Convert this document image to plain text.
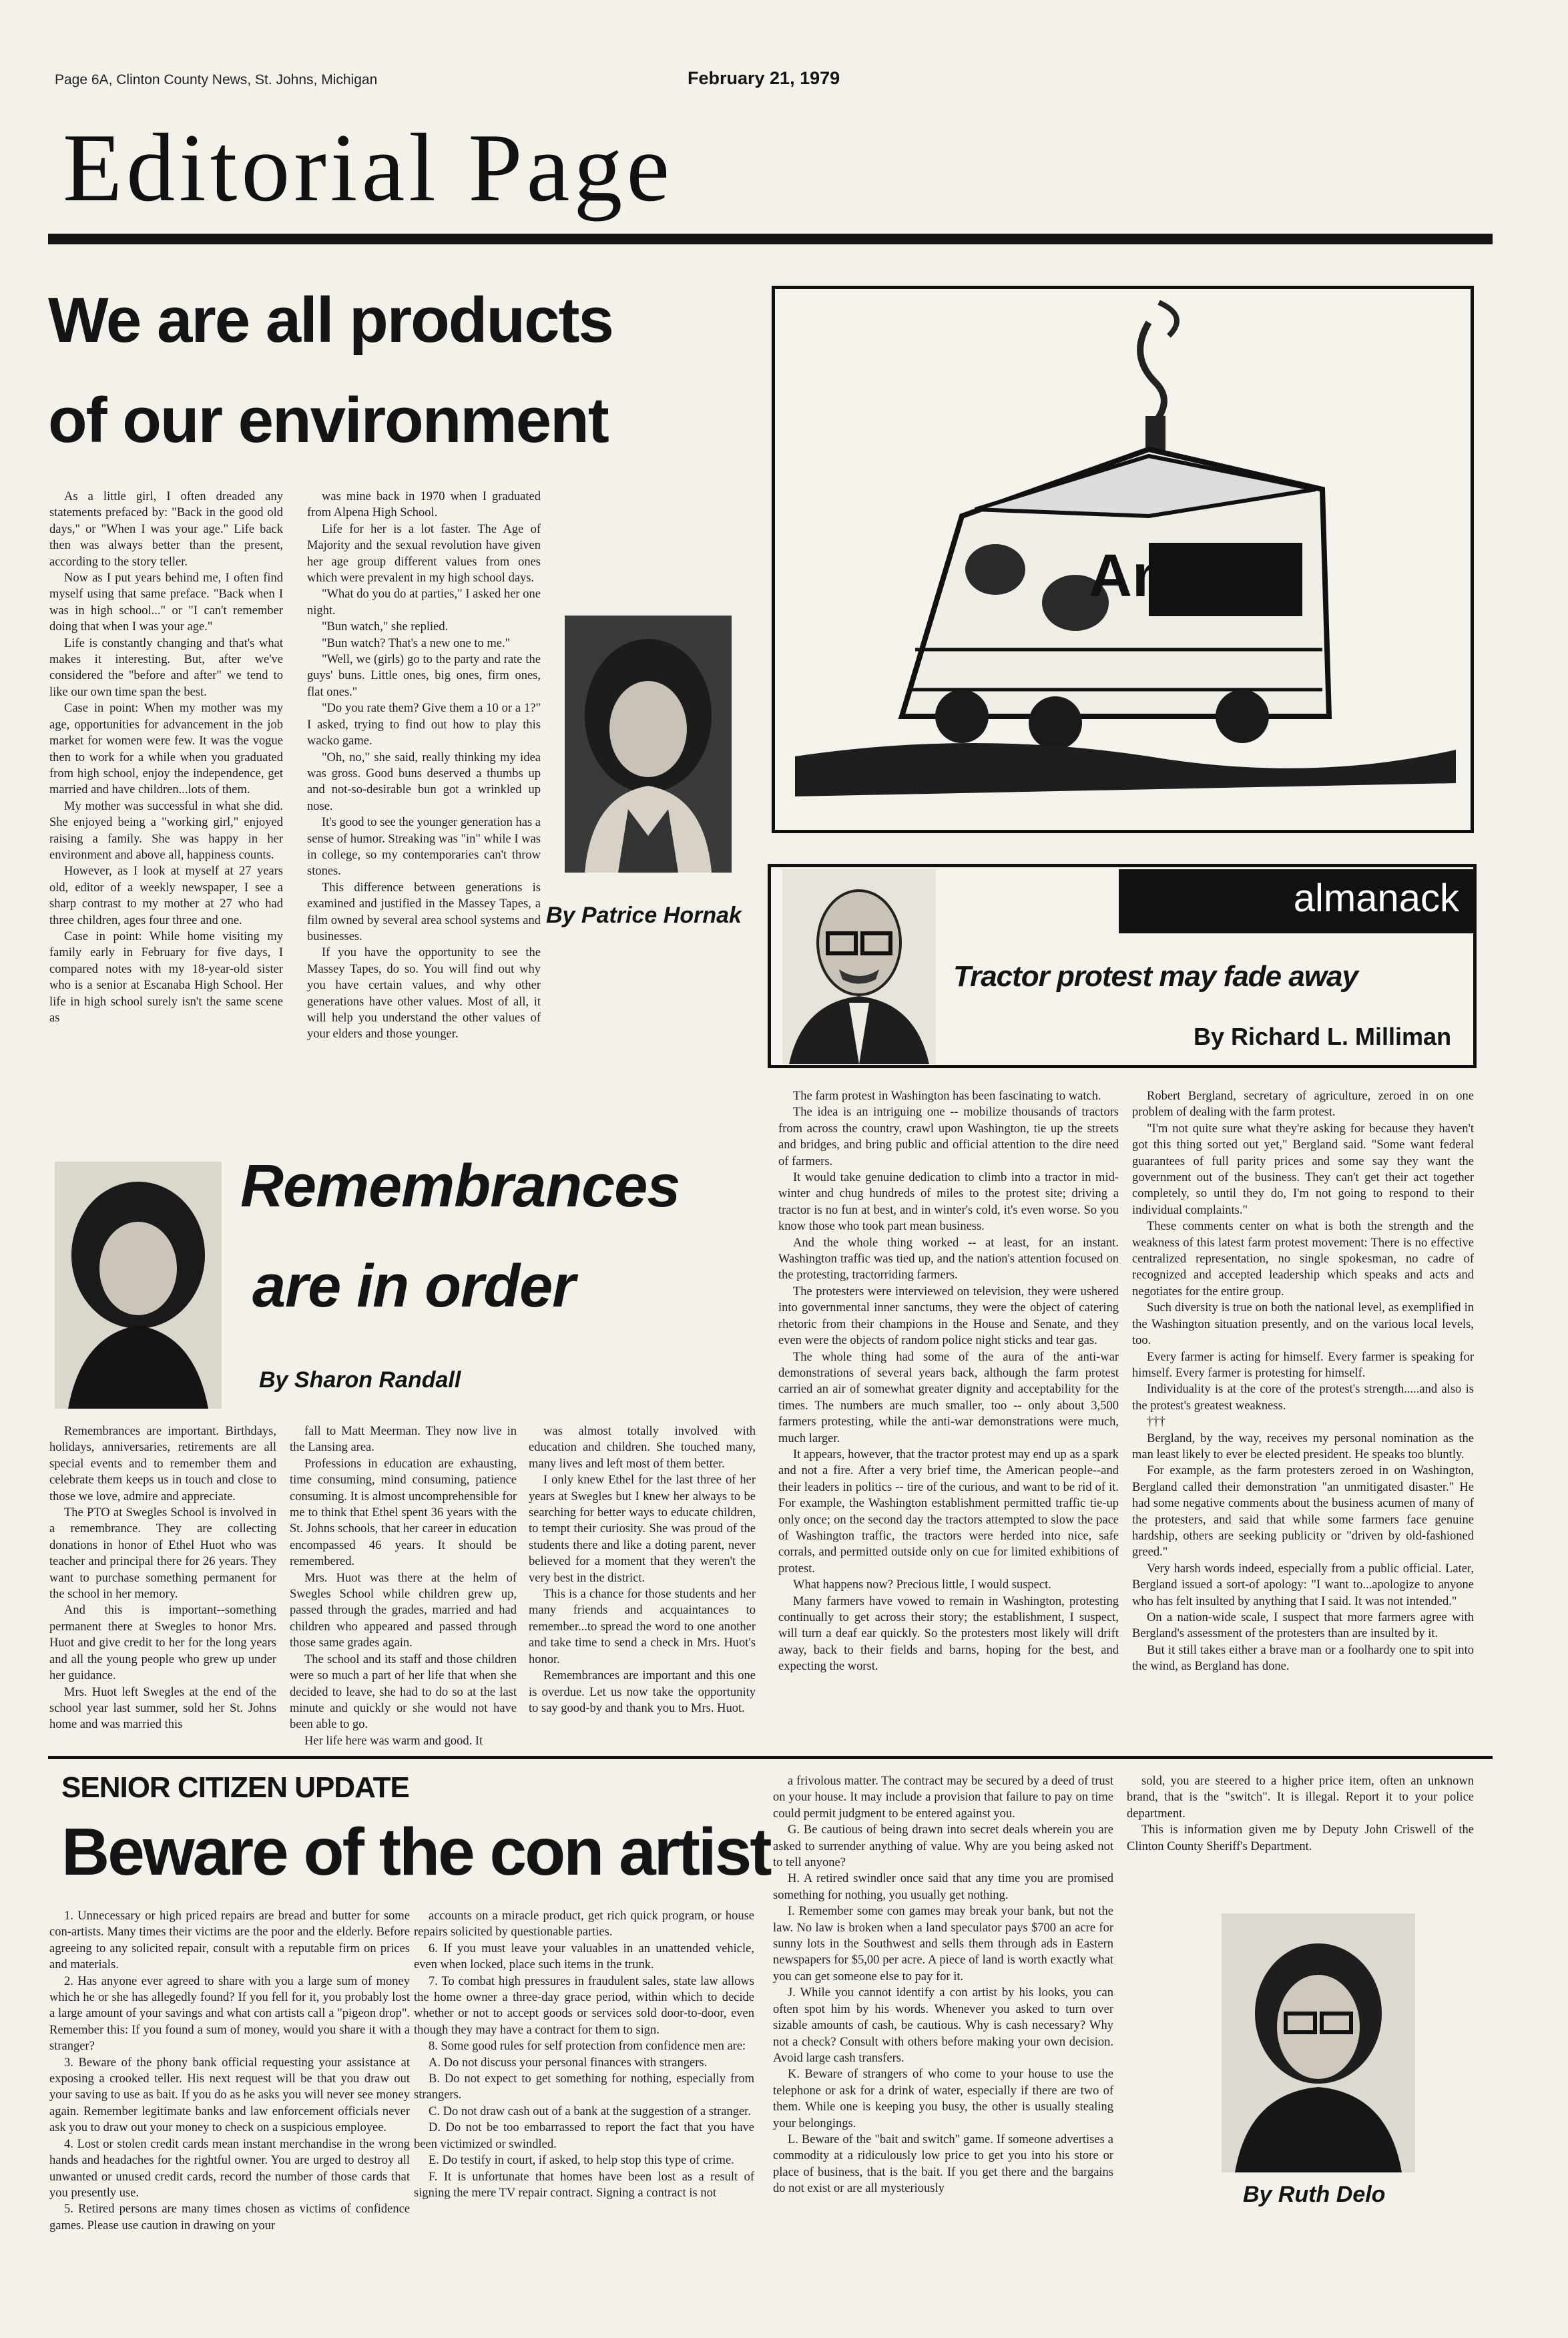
Page 6A, Clinton County News, St. Johns, Michigan	February 21, 1979
Editorial Page
We are all products
of our environment

As a little girl, I often dreaded any statements prefaced by: "Back in the good old days," or "When I was your age." Life back then was always better than the present, according to the story teller.

Now as I put years behind me, I often find myself using that same preface. "Back when I was in high school..." or "I can't remember doing that when I was your age."

Life is constantly changing and that's what makes it interesting. But, after we've considered the "before and after" we tend to like our own time span the best.

Case in point: When my mother was my age, opportunities for advancement in the job market for women were few. It was the vogue then to work for a while when you graduated from high school, enjoy the independence, get married and have children...lots of them.

My mother was successful in what she did. She enjoyed being a "working girl," enjoyed raising a family. She was happy in her environment and above all, happiness counts.

However, as I look at myself at 27 years old, editor of a weekly newspaper, I see a sharp contrast to my mother at 27 who had three children, ages four three and one.

Case in point: While home visiting my family early in February for five days, I compared notes with my 18-year-old sister who is a senior at Escanaba High School. Her life in high school surely isn't the same scene as

was mine back in 1970 when I graduated from Alpena High School.

Life for her is a lot faster. The Age of Majority and the sexual revolution have given her age group different values from ones which were prevalent in my high school days.

"What do you do at parties," I asked her one night.

"Bun watch," she replied.

"Bun watch? That's a new one to me."

"Well, we (girls) go to the party and rate the guys' buns. Little ones, big ones, firm ones, flat ones."

"Do you rate them? Give them a 10 or a 1?" I asked, trying to find out how to play this wacko game.

"Oh, no," she said, really thinking my idea was gross. Good buns deserved a thumbs up and not-so-desirable bun got a wrinkled up nose.

It's good to see the younger generation has a sense of humor. Streaking was "in" while I was in college, so my contemporaries can't throw stones.

This difference between generations is examined and justified in the Massey Tapes, a film owned by several area school systems and businesses.

If you have the opportunity to see the Massey Tapes, do so. You will find out why you have certain values, and why other generations have other values. Most of all, it will help you understand the other values of your elders and those younger.

By Patrice Hornak
Amtrak
almanack
Tractor protest may fade away
By Richard L. Milliman

The farm protest in Washington has been fascinating to watch.

The idea is an intriguing one -- mobilize thousands of tractors from across the country, crawl upon Washington, tie up the streets and bridges, and bring public and official attention to the dire need of farmers.

It would take genuine dedication to climb into a tractor in mid-winter and chug hundreds of miles to the protest site; driving a tractor is no fun at best, and in winter's cold, it's even worse. So you know those who took part mean business.

And the whole thing worked -- at least, for an instant. Washington traffic was tied up, and the nation's attention focused on the protesting, tractorriding farmers.

The protesters were interviewed on television, they were ushered into governmental inner sanctums, they were the object of catering rhetoric from their champions in the House and Senate, and they even were the objects of random police night sticks and tear gas.

The whole thing had some of the aura of the anti-war demonstrations of several years back, although the farm protest carried an air of somewhat greater dignity and acceptability for the times. The numbers are much smaller, too -- only about 3,500 farmers protesting, while the anti-war demonstrations were much, much larger.

It appears, however, that the tractor protest may end up as a spark and not a fire. After a very brief time, the American people--and their leaders in politics -- tire of the curious, and want to be rid of it. For example, the Washington establishment permitted traffic tie-up only once; on the second day the tractors attempted to slow the pace of Washington traffic, the tractors were herded into nice, safe corrals, and permitted outside only on cue for limited exhibitions of protest.

What happens now? Precious little, I would suspect.

Many farmers have vowed to remain in Washington, protesting continually to get across their story; the establishment, I suspect, will turn a deaf ear quickly. So the protesters most likely will drift away, back to their fields and barns, hoping for the best, and expecting the worst.

Robert Bergland, secretary of agriculture, zeroed in on one problem of dealing with the farm protest.

"I'm not quite sure what they're asking for because they haven't got this thing sorted out yet," Bergland said. "Some want federal guarantees of full parity prices and some say they want the government out of the business. They can't get their act together completely, so until they do, I'm not going to respond to their individual complaints."

These comments center on what is both the strength and the weakness of this latest farm protest movement: There is no effective centralized representation, no single spokesman, no cadre of recognized and accepted leadership which speaks and acts and negotiates for the entire group.

Such diversity is true on both the national level, as exemplified in the Washington situation presently, and on the various local levels, too.

Every farmer is acting for himself. Every farmer is speaking for himself. Every farmer is protesting for himself.

Individuality is at the core of the protest's strength.....and also is the protest's greatest weakness.

†††

Bergland, by the way, receives my personal nomination as the man least likely to ever be elected president. He speaks too bluntly.

For example, as the farm protesters zeroed in on Washington, Bergland called their demonstration "an unmitigated disaster." He had some negative comments about the business acumen of many of the protesters, and said that while some farmers face genuine hardship, others are seeking publicity or "driven by old-fashioned greed."

Very harsh words indeed, especially from a public official. Later, Bergland issued a sort-of apology: "I want to...apologize to anyone who has felt insulted by anything that I said. It was not intended."

On a nation-wide scale, I suspect that more farmers agree with Bergland's assessment of the protesters than are insulted by it.

But it still takes either a brave man or a foolhardy one to spit into the wind, as Bergland has done.

Remembrances
are in order
By Sharon Randall

Remembrances are important. Birthdays, holidays, anniversaries, retirements are all special events and to remember them and celebrate them keeps us in touch and close to those we love, admire and appreciate.

The PTO at Swegles School is involved in a remembrance. They are collecting donations in honor of Ethel Huot who was teacher and principal there for 26 years. They want to purchase something permanent for the school in her memory.

And this is important--something permanent there at Swegles to honor Mrs. Huot and give credit to her for the long years and all the young people who grew up under her guidance.

Mrs. Huot left Swegles at the end of the school year last summer, sold her St. Johns home and was married this

fall to Matt Meerman. They now live in the Lansing area.

Professions in education are exhausting, time consuming, mind consuming, patience consuming. It is almost uncomprehensible for me to think that Ethel spent 36 years with the St. Johns schools, that her career in education encompassed 46 years. It should be remembered.

Mrs. Huot was there at the helm of Swegles School while children grew up, passed through the grades, married and had children who appeared and passed through those same grades again.

The school and its staff and those children were so much a part of her life that when she decided to leave, she had to do so at the last minute and quickly or she would not have been able to go.

Her life here was warm and good. It

was almost totally involved with education and children. She touched many, many lives and left most of them better.

I only knew Ethel for the last three of her years at Swegles but I knew her always to be searching for better ways to educate children, to tempt their curiosity. She was proud of the students there and like a doting parent, never believed for a moment that they weren't the very best in the district.

This is a chance for those students and her many friends and acquaintances to remember...to spread the word to one another and take time to send a check in Mrs. Huot's honor.

Remembrances are important and this one is overdue. Let us now take the opportunity to say good-by and thank you to Mrs. Huot.

SENIOR CITIZEN UPDATE
Beware of the con artist

1. Unnecessary or high priced repairs are bread and butter for some con-artists. Many times their victims are the poor and the elderly. Before agreeing to any solicited repair, consult with a reputable firm on prices and materials.

2. Has anyone ever agreed to share with you a large sum of money which he or she has allegedly found? If you fell for it, you probably lost a large amount of your savings and what con artists call a "pigeon drop". Remember this: If you found a sum of money, would you share it with a stranger?

3. Beware of the phony bank official requesting your assistance at exposing a crooked teller. His next request will be that you draw out your saving to use as bait. If you do as he asks you will never see money again. Remember legitimate banks and law enforcement officials never ask you to draw out your money to check on a suspicious employee.

4. Lost or stolen credit cards mean instant merchandise in the wrong hands and headaches for the rightful owner. You are urged to destroy all unwanted or unused credit cards, record the number of those cards that you presently use.

5. Retired persons are many times chosen as victims of confidence games. Please use caution in drawing on your

accounts on a miracle product, get rich quick program, or house repairs solicited by questionable parties.

6. If you must leave your valuables in an unattended vehicle, even when locked, place such items in the trunk.

7. To combat high pressures in fraudulent sales, state law allows the home owner a three-day grace period, within which to decide whether or not to accept goods or services sold door-to-door, even though they may have a contract for them to sign.

8. Some good rules for self protection from confidence men are:

A. Do not discuss your personal finances with strangers.

B. Do not expect to get something for nothing, especially from strangers.

C. Do not draw cash out of a bank at the suggestion of a stranger.

D. Do not be too embarrassed to report the fact that you have been victimized or swindled.

E. Do testify in court, if asked, to help stop this type of crime.

F. It is unfortunate that homes have been lost as a result of signing the mere TV repair contract. Signing a contract is not

a frivolous matter. The contract may be secured by a deed of trust on your house. It may include a provision that failure to pay on time could permit judgment to be entered against you.

G. Be cautious of being drawn into secret deals wherein you are asked to surrender anything of value. Why are you being asked not to tell anyone?

H. A retired swindler once said that any time you are promised something for nothing, you usually get nothing.

I. Remember some con games may break your bank, but not the law. No law is broken when a land speculator pays $700 an acre for sunny lots in the Southwest and sells them through ads in Eastern newspapers for $5,00 per acre. A piece of land is worth exactly what you can get someone else to pay for it.

J. While you cannot identify a con artist by his looks, you can often spot him by his words. Whenever you asked to turn over sizable amounts of cash, be cautious. Why is cash necessary? Why not a check? Consult with others before making your own decision. Avoid large cash transfers.

K. Beware of strangers of who come to your house to use the telephone or ask for a drink of water, especially if there are two of them. While one is keeping you busy, the other is usually stealing your belongings.

L. Beware of the "bait and switch" game. If someone advertises a commodity at a ridiculously low price to get you into his store or place of business, that is the bait. If you get there and the bargains do not exist or are all mysteriously

sold, you are steered to a higher price item, often an unknown brand, that is the "switch". It is illegal. Report it to your police department.

This is information given me by Deputy John Criswell of the Clinton County Sheriff's Department.

By Ruth Delo
